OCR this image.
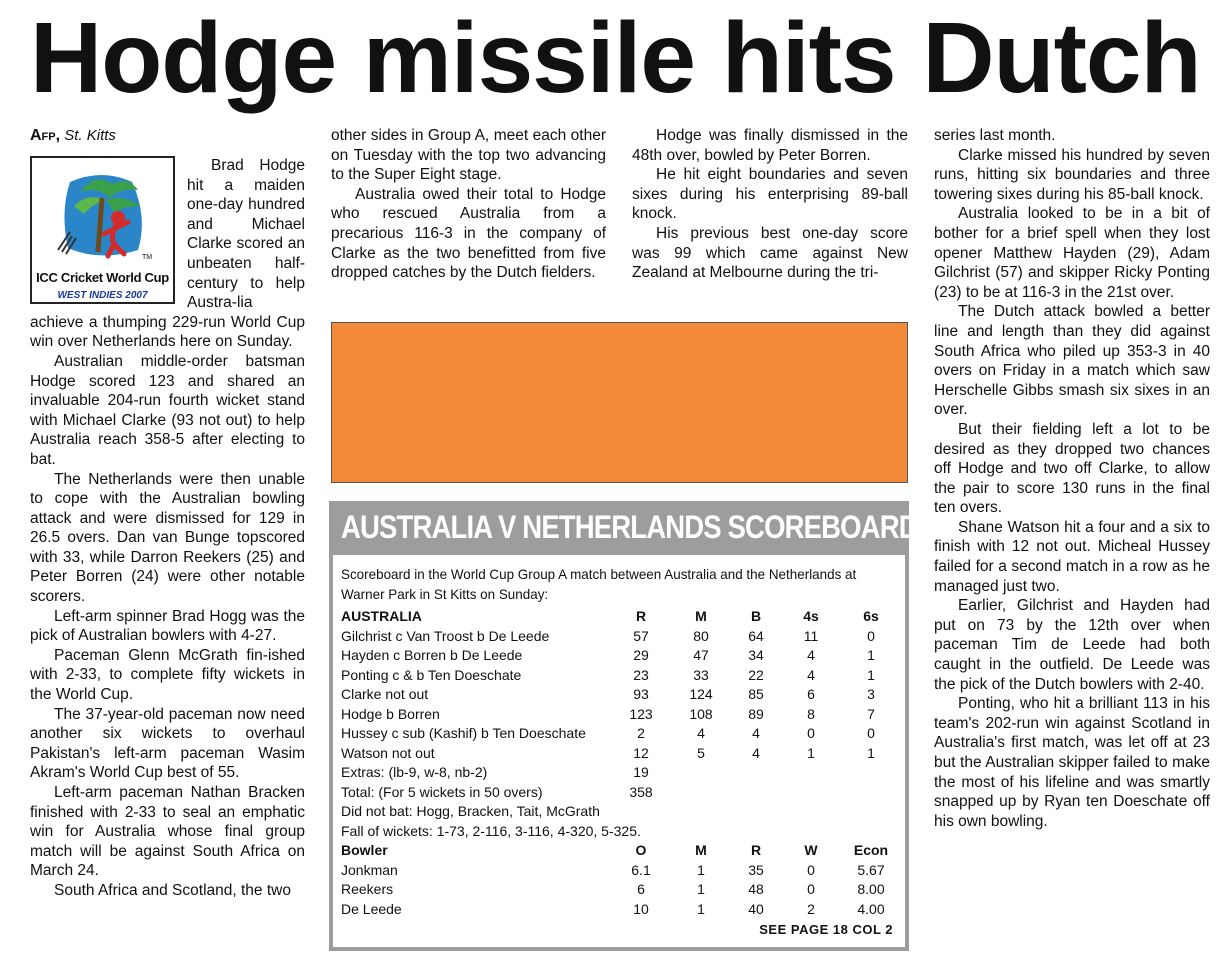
Hodge missile hits Dutch
Afp, St. Kitts
TM
ICC Cricket World Cup
WEST INDIES 2007

Brad Hodge hit a maiden one-day hundred and Michael Clarke scored an unbeaten half-century to help Austra-lia achieve a thumping 229-run World Cup win over Netherlands here on Sunday.

Australian middle-order batsman Hodge scored 123 and shared an invaluable 204-run fourth wicket stand with Michael Clarke (93 not out) to help Australia reach 358-5 after electing to bat.

The Netherlands were then unable to cope with the Australian bowling attack and were dismissed for 129 in 26.5 overs. Dan van Bunge topscored with 33, while Darron Reekers (25) and Peter Borren (24) were other notable scorers.

Left-arm spinner Brad Hogg was the pick of Australian bowlers with 4-27.

Paceman Glenn McGrath fin-ished with 2-33, to complete fifty wickets in the World Cup.

The 37-year-old paceman now need another six wickets to overhaul Pakistan's left-arm paceman Wasim Akram's World Cup best of 55.

Left-arm paceman Nathan Bracken finished with 2-33 to seal an emphatic win for Australia whose final group match will be against South Africa on March 24.

South Africa and Scotland, the two

other sides in Group A, meet each other on Tuesday with the top two advancing to the Super Eight stage.

Australia owed their total to Hodge who rescued Australia from a precarious 116-3 in the company of Clarke as the two benefitted from five dropped catches by the Dutch fielders.

Hodge was finally dismissed in the 48th over, bowled by Peter Borren.

He hit eight boundaries and seven sixes during his enterprising 89-ball knock.

His previous best one-day score was 99 which came against New Zealand at Melbourne during the tri-

series last month.

Clarke missed his hundred by seven runs, hitting six boundaries and three towering sixes during his 85-ball knock.

Australia looked to be in a bit of bother for a brief spell when they lost opener Matthew Hayden (29), Adam Gilchrist (57) and skipper Ricky Ponting (23) to be at 116-3 in the 21st over.

The Dutch attack bowled a better line and length than they did against South Africa who piled up 353-3 in 40 overs on Friday in a match which saw Herschelle Gibbs smash six sixes in an over.

But their fielding left a lot to be desired as they dropped two chances off Hodge and two off Clarke, to allow the pair to score 130 runs in the final ten overs.

Shane Watson hit a four and a six to finish with 12 not out. Micheal Hussey failed for a second match in a row as he managed just two.

Earlier, Gilchrist and Hayden had put on 73 by the 12th over when paceman Tim de Leede had both caught in the outfield. De Leede was the pick of the Dutch bowlers with 2-40.

Ponting, who hit a brilliant 113 in his team's 202-run win against Scotland in Australia's first match, was let off at 23 but the Australian skipper failed to make the most of his lifeline and was smartly snapped up by Ryan ten Doeschate off his own bowling.

AUSTRALIA V NETHERLANDS SCOREBOARD
Scoreboard in the World Cup Group A match between Australia and the Netherlands at Warner Park in St Kitts on Sunday:
AUSTRALIA	R	M	B	4s	6s
Gilchrist c Van Troost b De Leede	57	80	64	11	0
Hayden c Borren b De Leede	29	47	34	4	1
Ponting c & b Ten Doeschate	23	33	22	4	1
Clarke not out	93	124	85	6	3
Hodge b Borren	123	108	89	8	7
Hussey c sub (Kashif) b Ten Doeschate	2	4	4	0	0
Watson not out	12	5	4	1	1
Extras: (lb-9, w-8, nb-2)	19				
Total: (For 5 wickets in 50 overs)	358				
Did not bat: Hogg, Bracken, Tait, McGrath					
Fall of wickets: 1-73, 2-116, 3-116, 4-320, 5-325.					
Bowler	O	M	R	W	Econ
Jonkman	6.1	1	35	0	5.67
Reekers	6	1	48	0	8.00
De Leede	10	1	40	2	4.00
SEE PAGE 18 COL 2
